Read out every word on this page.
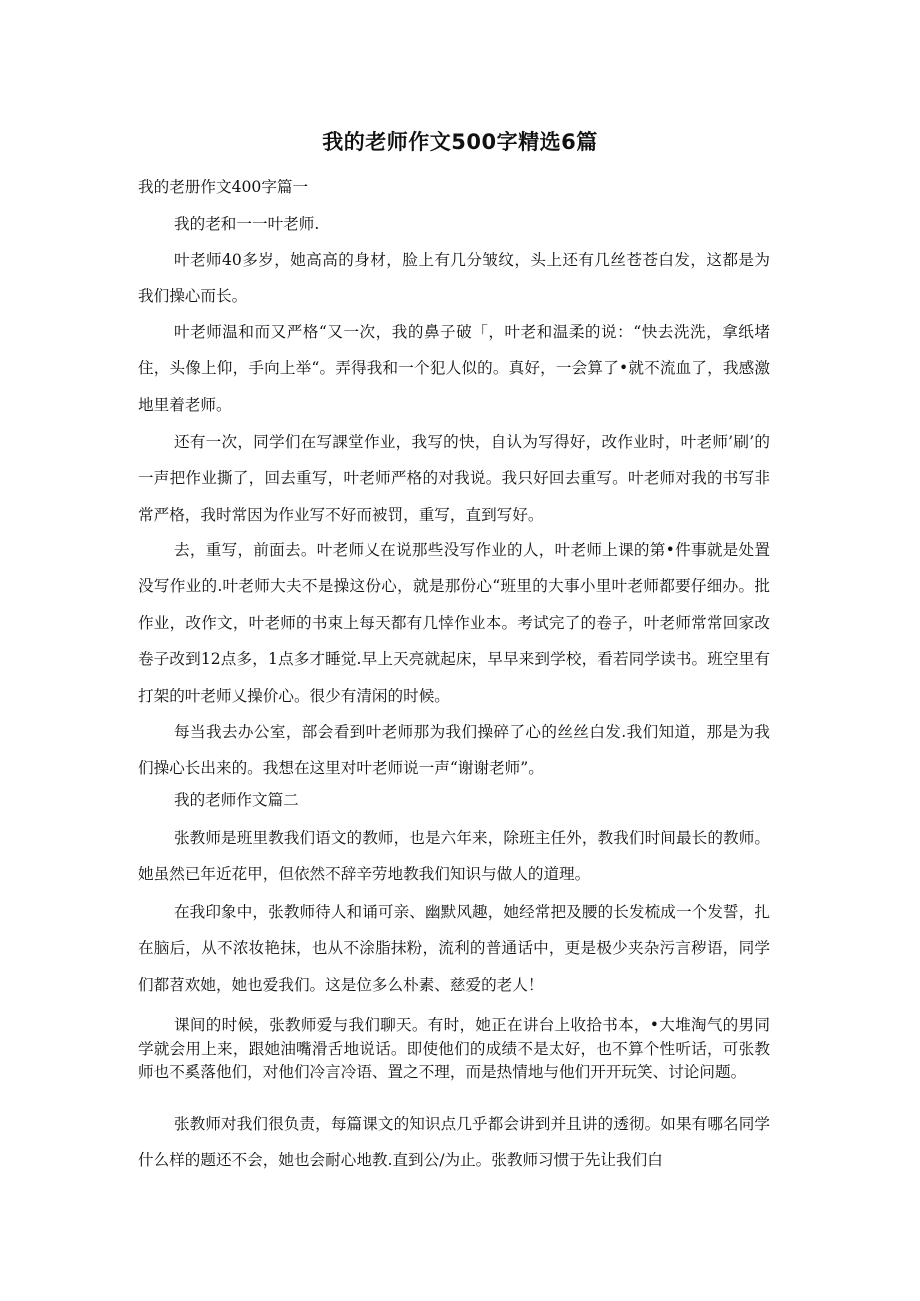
我的老师作文500字精选6篇

我的老册作文400字篇一

我的老和一一叶老师.

叶老师40多岁，她高高的身材，脸上有几分皱纹，头上还有几丝苍苍白发，这都是为我们操心而长。

叶老师温和而又严格“又一次，我的鼻子破「，叶老和温柔的说：“快去洗洗，拿纸堵住，头像上仰，手向上举“。弄得我和一个犯人似的。真好，一会算了•就不流血了，我感激地里着老师。

还有一次，同学们在写課堂作业，我写的快，自认为写得好，改作业时，叶老师’刷’的一声把作业撕了，回去重写，叶老师严格的对我说。我只好回去重写。叶老师对我的书写非常严格，我时常因为作业写不好而被罚，重写，直到写好。

去，重写，前面去。叶老师乂在说那些没写作业的人，叶老师上课的第•件事就是处置没写作业的.叶老师大夫不是操这份心，就是那份心“班里的大事小里叶老师都要仔细办。批作业，改作文，叶老师的书束上每天都有几悻作业本。考试完了的卷子，叶老师常常回家改卷子改到12点多，1点多才睡觉.早上天亮就起床，早早来到学校，看若同学读书。班空里有打架的叶老师乂操价心。很少有清闲的时候。

每当我去办公室，部会看到叶老师那为我们操碎了心的丝丝白发.我们知道，那是为我们操心长出来的。我想在这里对叶老师说一声“谢谢老师”。

我的老师作文篇二

张教师是班里教我们语文的教师，也是六年来，除班主任外，教我们时间最长的教师。她虽然已年近花甲，但依然不辞辛劳地教我们知识与做人的道理。

在我印象中，张教师待人和诵可亲、幽默风趣，她经常把及腰的长发梳成一个发誓，扎在脑后，从不浓妆艳抹，也从不涂脂抹粉，流利的普通话中，更是极少夹杂污言秽语，同学们都苕欢她，她也爱我们。这是位多么朴素、慈爱的老人！

课间的时候，张教师爱与我们聊天。有时，她正在讲台上收拾书本，•大堆淘气的男同学就会用上来，跟她油嘴滑舌地说话。即使他们的成绩不是太好，也不算个性听话，可张教师也不奚落他们，对他们冷言冷语、置之不理，而是热情地与他们开开玩笑、讨论问题。

张教师对我们很负责，每篇课文的知识点几乎都会讲到并且讲的透彻。如果有哪名同学什么样的题还不会，她也会耐心地教.直到公/为止。张教师习惯于先让我们白
